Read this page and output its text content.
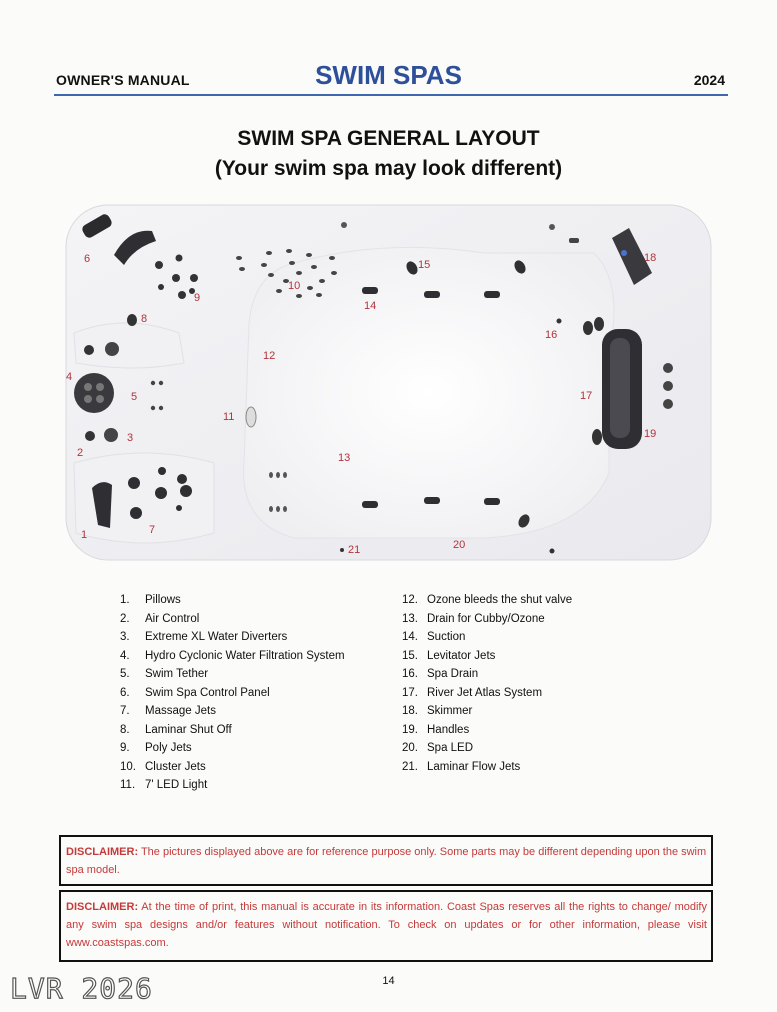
OWNER'S MANUAL	SWIM SPAS	2024
SWIM SPA GENERAL LAYOUT
(Your swim spa may look different)
6
9
10
8
12
4
5
11
3
2	13
7
1
14
15
16
17
18
19
20
21
1. Pillows
2. Air Control
3. Extreme XL Water Diverters
4. Hydro Cyclonic Water Filtration System
5. Swim Tether
6. Swim Spa Control Panel
7. Massage Jets
8. Laminar Shut Off
9. Poly Jets
10. Cluster Jets
11. 7' LED Light
12. Ozone bleeds the shut valve
13. Drain for Cubby/Ozone
14. Suction
15. Levitator Jets
16. Spa Drain
17. River Jet Atlas System
18. Skimmer
19. Handles
20. Spa LED
21. Laminar Flow Jets
DISCLAIMER: The pictures displayed above are for reference purpose only. Some parts may be different depending upon the swim spa model.
DISCLAIMER: At the time of print, this manual is accurate in its information. Coast Spas reserves all the rights to change/ modify any swim spa designs and/or features without notification. To check on updates or for other information, please visit www.coastspas.com.
14
LVR 2026
